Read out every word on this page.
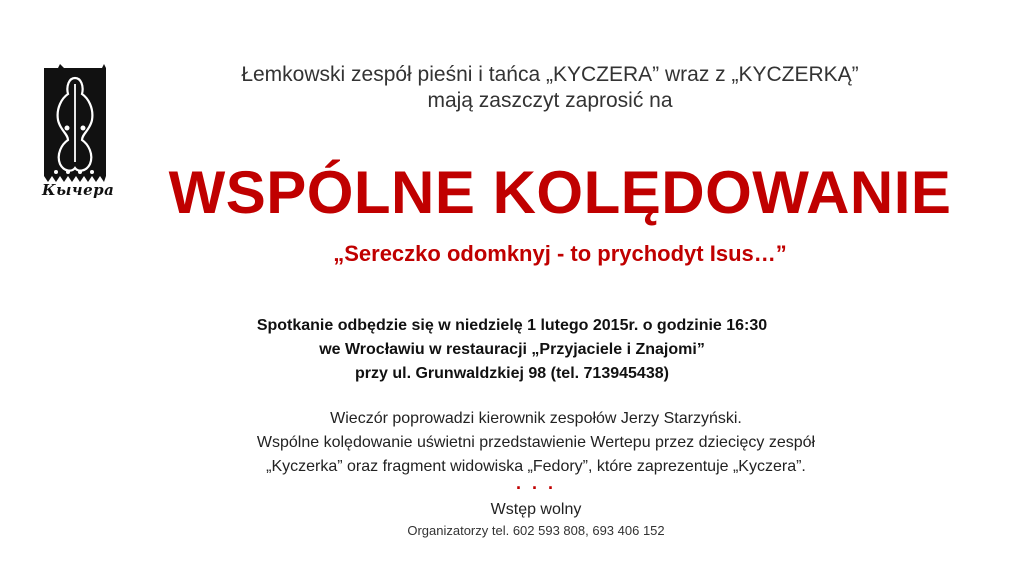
Кычера
Łemkowski zespół pieśni i tańca „KYCZERA” wraz z „KYCZERKĄ”
mają zaszczyt zaprosić na
WSPÓLNE KOLĘDOWANIE
„Sereczko odomknyj - to prychodyt Isus…”
Spotkanie odbędzie się w niedzielę 1 lutego 2015r. o godzinie 16:30
we Wrocławiu w restauracji „Przyjaciele i Znajomi”
przy ul. Grunwaldzkiej 98 (tel. 713945438)
Wieczór poprowadzi kierownik zespołów Jerzy Starzyński.
Wspólne kolędowanie uświetni przedstawienie Wertepu przez dziecięcy zespół
„Kyczerka” oraz fragment widowiska „Fedory”, które zaprezentuje „Kyczera”.
. . .
Wstęp wolny
Organizatorzy tel. 602 593 808, 693 406 152
